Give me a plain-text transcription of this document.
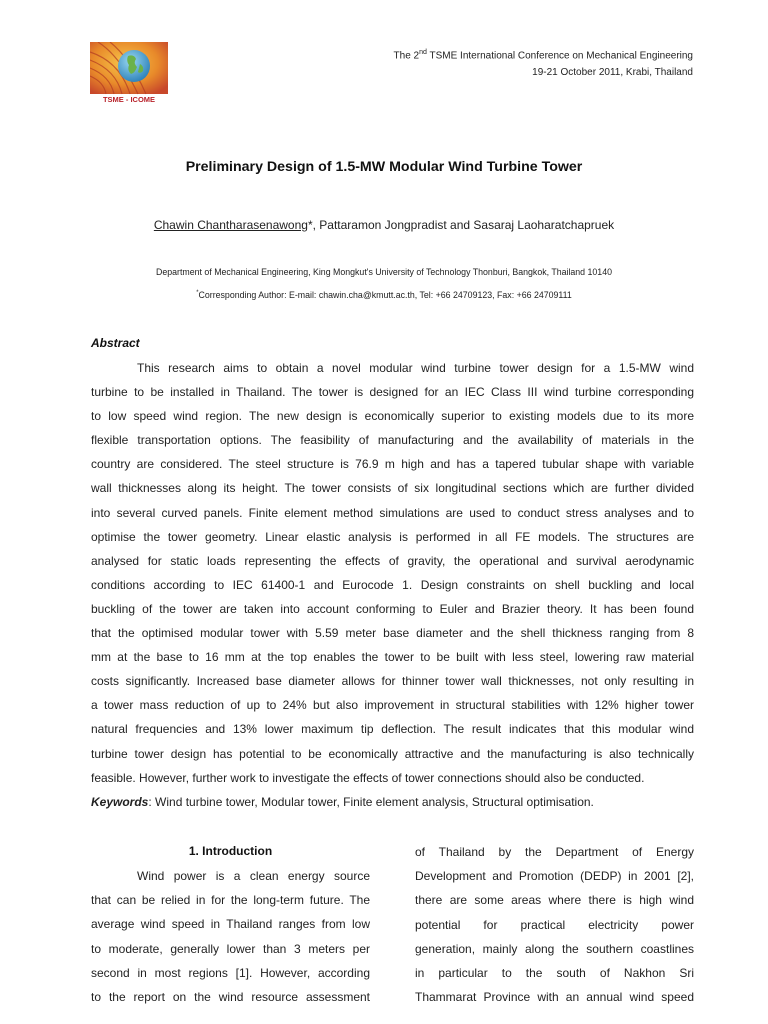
TSME - ICOME
The 2nd TSME International Conference on Mechanical Engineering
19-21 October 2011, Krabi, Thailand
Preliminary Design of 1.5-MW Modular Wind Turbine Tower
Chawin Chantharasenawong*, Pattaramon Jongpradist and Sasaraj Laoharatchapruek
Department of Mechanical Engineering, King Mongkut's University of Technology Thonburi, Bangkok, Thailand 10140
*Corresponding Author: E-mail: chawin.cha@kmutt.ac.th, Tel: +66 24709123, Fax: +66 24709111
Abstract
This research aims to obtain a novel modular wind turbine tower design for a 1.5-MW wind
turbine to be installed in Thailand. The tower is designed for an IEC Class III wind turbine corresponding
to low speed wind region. The new design is economically superior to existing models due to its more
flexible transportation options. The feasibility of manufacturing and the availability of materials in the
country are considered. The steel structure is 76.9 m high and has a tapered tubular shape with variable
wall thicknesses along its height. The tower consists of six longitudinal sections which are further divided
into several curved panels. Finite element method simulations are used to conduct stress analyses and to
optimise the tower geometry. Linear elastic analysis is performed in all FE models. The structures are
analysed for static loads representing the effects of gravity, the operational and survival aerodynamic
conditions according to IEC 61400-1 and Eurocode 1. Design constraints on shell buckling and local
buckling of the tower are taken into account conforming to Euler and Brazier theory. It has been found
that the optimised modular tower with 5.59 meter base diameter and the shell thickness ranging from 8
mm at the base to 16 mm at the top enables the tower to be built with less steel, lowering raw material
costs significantly. Increased base diameter allows for thinner tower wall thicknesses, not only resulting in
a tower mass reduction of up to 24% but also improvement in structural stabilities with 12% higher tower
natural frequencies and 13% lower maximum tip deflection. The result indicates that this modular wind
turbine tower design has potential to be economically attractive and the manufacturing is also technically
feasible. However, further work to investigate the effects of tower connections should also be conducted.
Keywords: Wind turbine tower, Modular tower, Finite element analysis, Structural optimisation.
1. Introduction
Wind power is a clean energy source
that can be relied in for the long-term future. The
average wind speed in Thailand ranges from low
to moderate, generally lower than 3 meters per
second in most regions [1]. However, according
to the report on the wind resource assessment
of Thailand by the Department of Energy
Development and Promotion (DEDP) in 2001 [2],
there are some areas where there is high wind
potential for practical electricity power
generation, mainly along the southern coastlines
in particular to the south of Nakhon Sri
Thammarat Province with an annual wind speed
